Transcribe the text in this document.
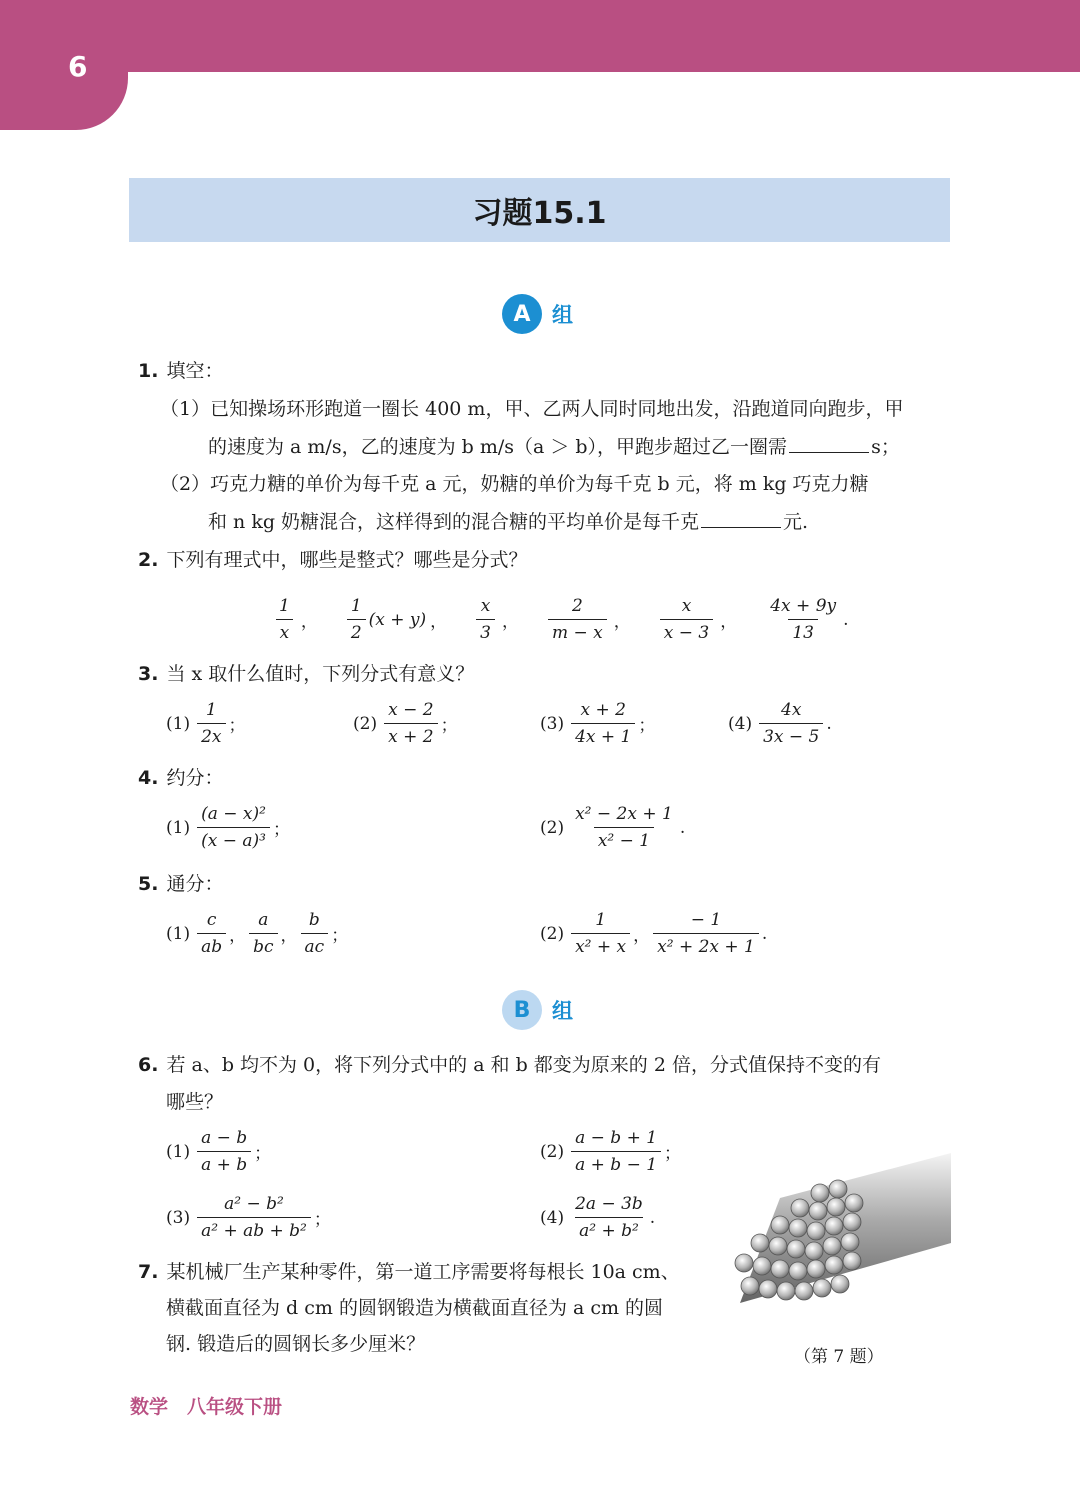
6
习题15.1
A	组
1. 填空：
（1）已知操场环形跑道一圈长 400 m，甲、乙两人同时同地出发，沿跑道同向跑步，甲
的速度为 a m/s，乙的速度为 b m/s（a ＞ b），甲跑步超过乙一圈需	s；
（2）巧克力糖的单价为每千克 a 元，奶糖的单价为每千克 b 元，将 m kg 巧克力糖
和 n kg 奶糖混合，这样得到的混合糖的平均单价是每千克	元.
2. 下列有理式中，哪些是整式？哪些是分式？
$\frac{1}{x}$ ， $\frac{1}{2} (x + y)$ ， $\frac{x}{3}$ ， $\frac{2}{m - x}$ ， $\frac{x}{x - 3}$ ， $\frac{4x + 9y}{13}$ .
3. 当 x 取什么值时，下列分式有意义？
$(1) \frac{1}{2x}$ ；	$(2) \frac{x - 2}{x + 2}$ ；	$(3) \frac{x + 2}{4x + 1}$ ；	$(4) \frac{4x}{3x - 5}$ .
4. 约分：
$(1) \frac{\text{(a − x)²}}{\text{(x − a)³}}$ ；	$(2) \frac{\text{x² − 2x + 1}}{\text{x² − 1}}$ .
5. 通分：
$(1) \frac{c}{ab}$ ， $\frac{a}{bc}$ ， $\frac{b}{ac}$ ；	$(2) \frac{1}{\text{x² + x}}$ ， $\frac{- 1}{\text{x² + 2x + 1}}$ .
B	组
6. 若 a、b 均不为 0，将下列分式中的 a 和 b 都变为原来的 2 倍，分式值保持不变的有
哪些？
$(1) \frac{a - b}{a + b}$ ；	$(2) \frac{a - b + 1}{a + b - 1}$ ；
$(3) \frac{\text{a² − b²}}{\text{a² + ab + b²}}$ ；	$(4) \frac{2a - 3b}{\text{a² + b²}}$ .
7. 某机械厂生产某种零件，第一道工序需要将每根长 10a cm、
横截面直径为 d cm 的圆钢锻造为横截面直径为 a cm 的圆
钢. 锻造后的圆钢长多少厘米？
（第 7 题）
数学　八年级下册
